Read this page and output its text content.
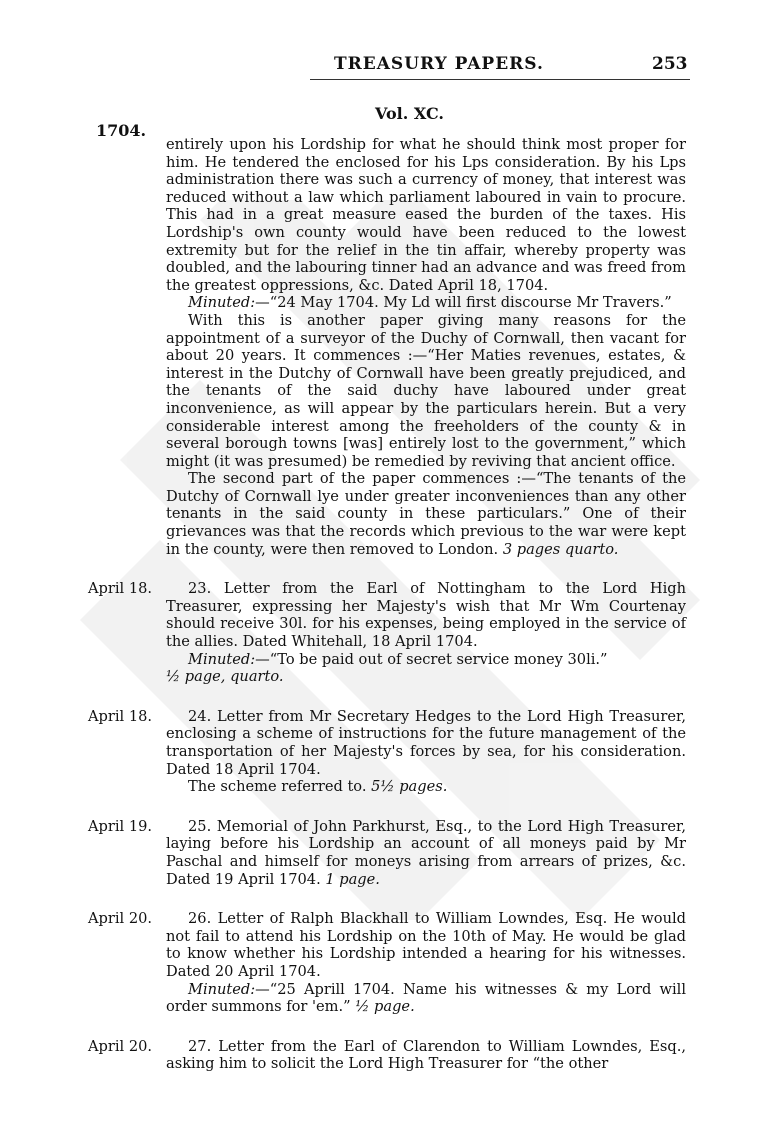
TREASURY PAPERS.	253
Vol. XC.
1704.

entirely upon his Lordship for what he should think most proper for him. He tendered the enclosed for his Lps consideration. By his Lps administration there was such a currency of money, that interest was reduced without a law which parliament laboured in vain to procure. This had in a great measure eased the burden of the taxes. His Lordship's own county would have been reduced to the lowest extremity but for the relief in the tin affair, whereby property was doubled, and the labouring tinner had an advance and was freed from the greatest oppressions, &c. Dated April 18, 1704.

Minuted:—“24 May 1704. My Ld will first discourse Mr Travers.”

With this is another paper giving many reasons for the appointment of a surveyor of the Duchy of Cornwall, then vacant for about 20 years. It commences :—“Her Maties revenues, estates, & interest in the Dutchy of Cornwall have been greatly prejudiced, and the tenants of the said duchy have laboured under great inconvenience, as will appear by the particulars herein. But a very considerable interest among the freeholders of the county & in several borough towns [was] entirely lost to the government,” which might (it was presumed) be remedied by reviving that ancient office.

The second part of the paper commences :—“The tenants of the Dutchy of Cornwall lye under greater inconveniences than any other tenants in the said county in these particulars.” One of their grievances was that the records which previous to the war were kept in the county, were then removed to London. 3 pages quarto.

April 18.	23. Letter from the Earl of Nottingham to the Lord High Treasurer, expressing her Majesty's wish that Mr Wm Courtenay should receive 30l. for his expenses, being employed in the service of the allies. Dated Whitehall, 18 April 1704.

Minuted:—“To be paid out of secret service money 30li.”

½ page, quarto.

April 18.	24. Letter from Mr Secretary Hedges to the Lord High Treasurer, enclosing a scheme of instructions for the future management of the transportation of her Majesty's forces by sea, for his consideration. Dated 18 April 1704.

The scheme referred to. 5½ pages.

April 19.	25. Memorial of John Parkhurst, Esq., to the Lord High Treasurer, laying before his Lordship an account of all moneys paid by Mr Paschal and himself for moneys arising from arrears of prizes, &c. Dated 19 April 1704. 1 page.

April 20.	26. Letter of Ralph Blackhall to William Lowndes, Esq. He would not fail to attend his Lordship on the 10th of May. He would be glad to know whether his Lordship intended a hearing for his witnesses. Dated 20 April 1704.

Minuted:—“25 Aprill 1704. Name his witnesses & my Lord will order summons for 'em.” ½ page.

April 20.	27. Letter from the Earl of Clarendon to William Lowndes, Esq., asking him to solicit the Lord High Treasurer for “the other
